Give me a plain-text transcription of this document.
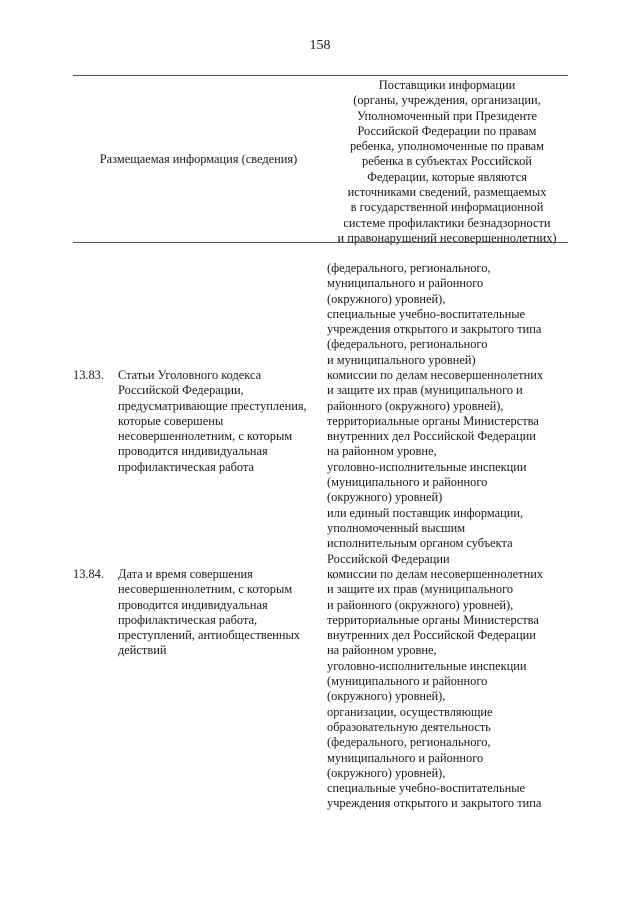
158
Размещаемая информация (сведения)
Поставщики информации
(органы, учреждения, организации,
Уполномоченный при Президенте
Российской Федерации по правам
ребенка, уполномоченные по правам
ребенка в субъектах Российской
Федерации, которые являются
источниками сведений, размещаемых
в государственной информационной
системе профилактики безнадзорности
и правонарушений несовершеннолетних)
(федерального, регионального,
муниципального и районного
(окружного) уровней),
специальные учебно-воспитательные
учреждения открытого и закрытого типа
(федерального, регионального
и муниципального уровней)
13.83.	Статьи Уголовного кодекса
Российской Федерации,
предусматривающие преступления,
которые совершены
несовершеннолетним, с которым
проводится индивидуальная
профилактическая работа
комиссии по делам несовершеннолетних
и защите их прав (муниципального и
районного (окружного) уровней),
территориальные органы Министерства
внутренних дел Российской Федерации
на районном уровне,
уголовно-исполнительные инспекции
(муниципального и районного
(окружного) уровней)
или единый поставщик информации,
уполномоченный высшим
исполнительным органом субъекта
Российской Федерации
13.84.	Дата и время совершения
несовершеннолетним, с которым
проводится индивидуальная
профилактическая работа,
преступлений, антиобщественных
действий
комиссии по делам несовершеннолетних
и защите их прав (муниципального
и районного (окружного) уровней),
территориальные органы Министерства
внутренних дел Российской Федерации
на районном уровне,
уголовно-исполнительные инспекции
(муниципального и районного
(окружного) уровней),
организации, осуществляющие
образовательную деятельность
(федерального, регионального,
муниципального и районного
(окружного) уровней),
специальные учебно-воспитательные
учреждения открытого и закрытого типа
